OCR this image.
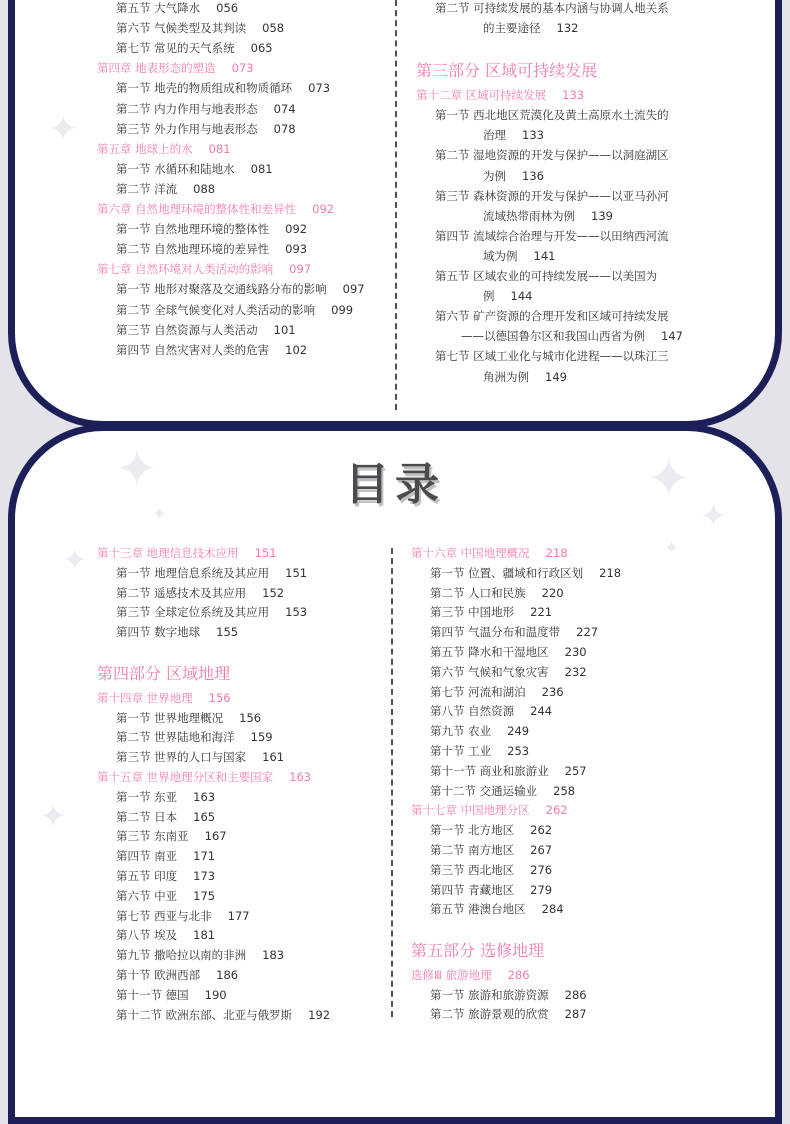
✦
✦
✦
✦
✦
✦
✦
✦
目录
第五节 大气降水 056
第六节 气候类型及其判读 058
第七节 常见的天气系统 065
第四章 地表形态的塑造 073
第一节 地壳的物质组成和物质循环 073
第二节 内力作用与地表形态 074
第三节 外力作用与地表形态 078
第五章 地球上的水 081
第一节 水循环和陆地水 081
第二节 洋流 088
第六章 自然地理环境的整体性和差异性 092
第一节 自然地理环境的整体性 092
第二节 自然地理环境的差异性 093
第七章 自然环境对人类活动的影响 097
第一节 地形对聚落及交通线路分布的影响 097
第二节 全球气候变化对人类活动的影响 099
第三节 自然资源与人类活动 101
第四节 自然灾害对人类的危害 102
第二节 可持续发展的基本内涵与协调人地关系
的主要途径 132
第三部分 区域可持续发展
第十二章 区域可持续发展 133
第一节 西北地区荒漠化及黄土高原水土流失的
治理 133
第二节 湿地资源的开发与保护——以洞庭湖区
为例 136
第三节 森林资源的开发与保护——以亚马孙河
流域热带雨林为例 139
第四节 流域综合治理与开发——以田纳西河流
域为例 141
第五节 区域农业的可持续发展——以美国为
例 144
第六节 矿产资源的合理开发和区域可持续发展
——以德国鲁尔区和我国山西省为例 147
第七节 区域工业化与城市化进程——以珠江三
角洲为例 149
第十三章 地理信息技术应用 151
第一节 地理信息系统及其应用 151
第二节 遥感技术及其应用 152
第三节 全球定位系统及其应用 153
第四节 数字地球 155
第四部分 区域地理
第十四章 世界地理 156
第一节 世界地理概况 156
第二节 世界陆地和海洋 159
第三节 世界的人口与国家 161
第十五章 世界地理分区和主要国家 163
第一节 东亚 163
第二节 日本 165
第三节 东南亚 167
第四节 南亚 171
第五节 印度 173
第六节 中亚 175
第七节 西亚与北非 177
第八节 埃及 181
第九节 撒哈拉以南的非洲 183
第十节 欧洲西部 186
第十一节 德国 190
第十二节 欧洲东部、北亚与俄罗斯 192
第十六章 中国地理概况 218
第一节 位置、疆域和行政区划 218
第二节 人口和民族 220
第三节 中国地形 221
第四节 气温分布和温度带 227
第五节 降水和干湿地区 230
第六节 气候和气象灾害 232
第七节 河流和湖泊 236
第八节 自然资源 244
第九节 农业 249
第十节 工业 253
第十一节 商业和旅游业 257
第十二节 交通运输业 258
第十七章 中国地理分区 262
第一节 北方地区 262
第二节 南方地区 267
第三节 西北地区 276
第四节 青藏地区 279
第五节 港澳台地区 284
第五部分 选修地理
选修Ⅲ 旅游地理 286
第一节 旅游和旅游资源 286
第二节 旅游景观的欣赏 287
